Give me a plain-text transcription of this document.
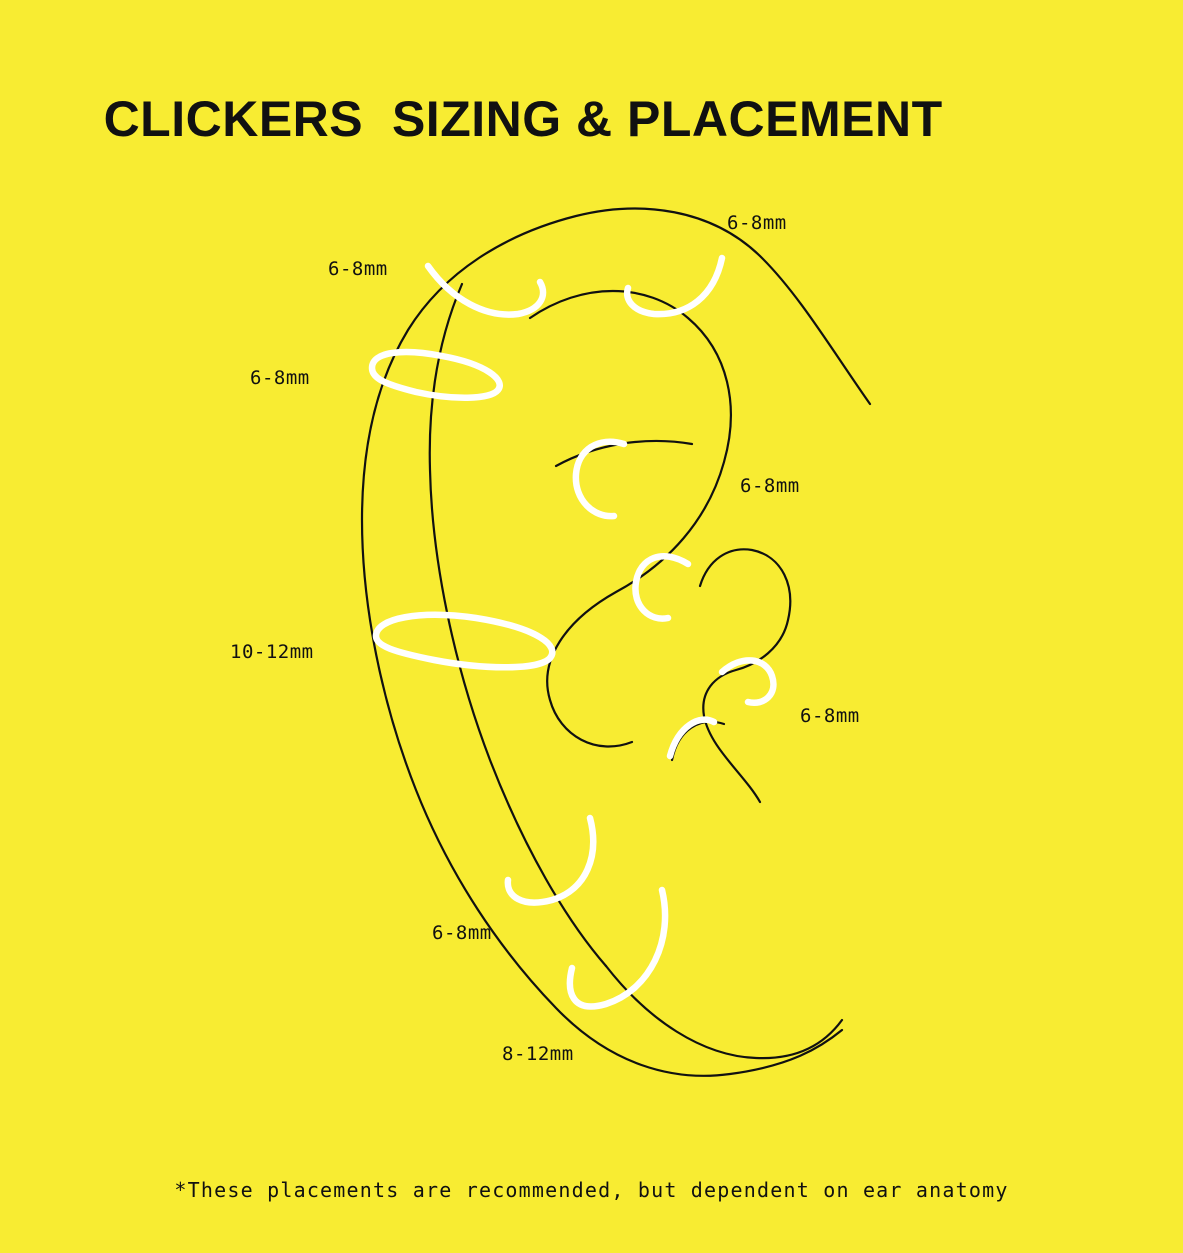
CLICKERS SIZING & PLACEMENT

6-8mm
6-8mm
6-8mm
6-8mm
10-12mm
6-8mm
6-8mm
8-12mm
*These placements are recommended, but dependent on ear anatomy
